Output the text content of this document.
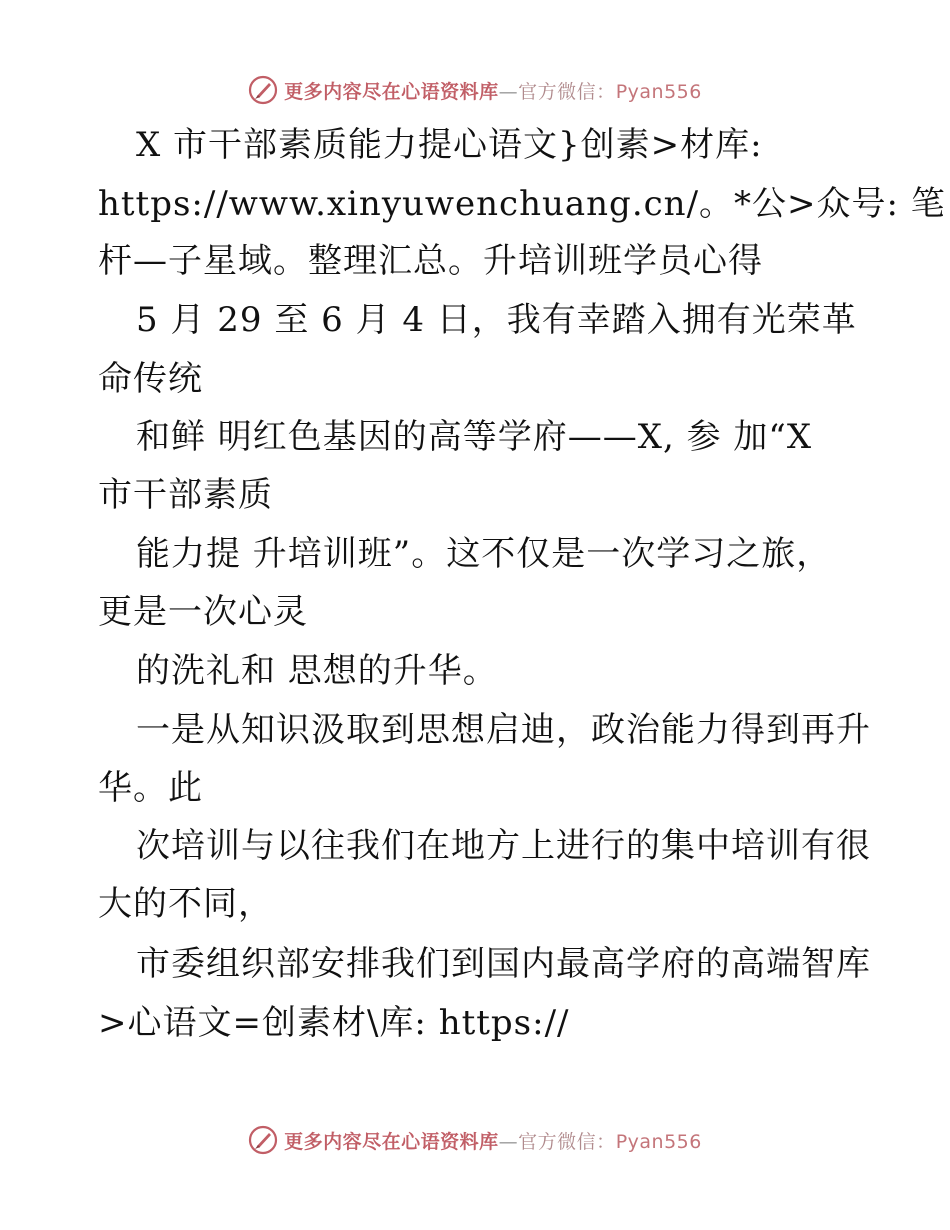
更多内容尽在心语资料库—官方微信：Pyan556
X 市干部素质能力提心语文}创素>材库:
https://www.xinyuwenchuang.cn/。*公>众号: 笔
杆—子星域。整理汇总。升培训班学员心得
5 月 29 至 6 月 4 日，我有幸踏入拥有光荣革
命传统
和鲜 明红色基因的高等学府——X, 参 加“X
市干部素质
能力提 升培训班”。这不仅是一次学习之旅，
更是一次心灵
的洗礼和 思想的升华。
一是从知识汲取到思想启迪，政治能力得到再升
华。此
次培训与以往我们在地方上进行的集中培训有很
大的不同，
市委组织部安排我们到国内最高学府的高端智库
>心语文=创素材\库: https://
更多内容尽在心语资料库—官方微信：Pyan556
